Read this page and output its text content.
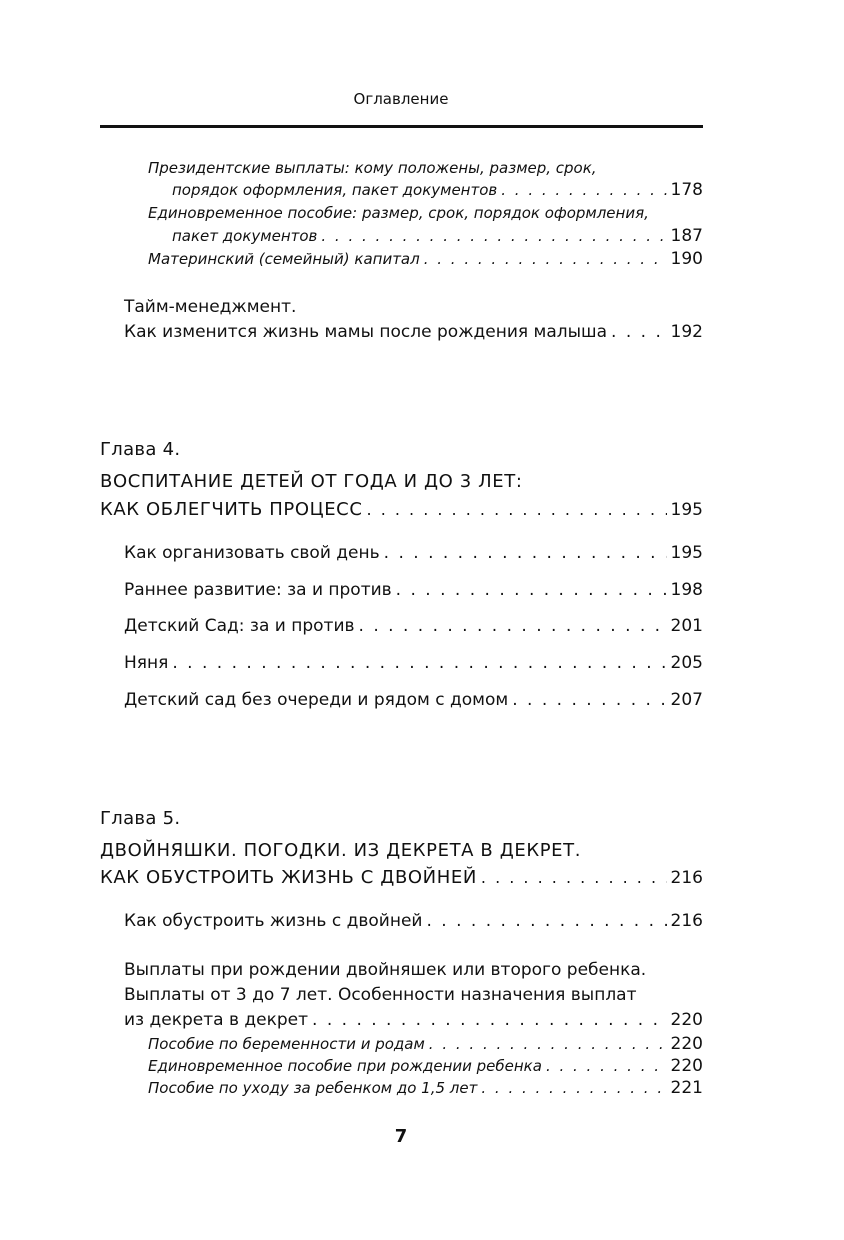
Оглавление
Президентские выплаты: кому положены, размер, срок,
порядок оформления, пакет документов . . .	178
Единовременное пособие: размер, срок, порядок оформления,
пакет документов . . .	187
Материнский (семейный) капитал . . .	190
Тайм-менеджмент.
Как изменится жизнь мамы после рождения малыша . . .	192
Глава 4.
ВОСПИТАНИЕ ДЕТЕЙ ОТ ГОДА И ДО 3 ЛЕТ:
КАК ОБЛЕГЧИТЬ ПРОЦЕСС . . .	195
Как организовать свой день . . .	195
Раннее развитие: за и против . . .	198
Детский Сад: за и против . . .	201
Няня . . .	205
Детский сад без очереди и рядом с домом . . .	207
Глава 5.
ДВОЙНЯШКИ. ПОГОДКИ. ИЗ ДЕКРЕТА В ДЕКРЕТ.
КАК ОБУСТРОИТЬ ЖИЗНЬ С ДВОЙНЕЙ . . .	216
Как обустроить жизнь с двойней . . .	216
Выплаты при рождении двойняшек или второго ребенка.
Выплаты от 3 до 7 лет. Особенности назначения выплат
из декрета в декрет . . .	220
Пособие по беременности и родам . . .	220
Единовременное пособие при рождении ребенка . . .	220
Пособие по уходу за ребенком до 1,5 лет . . .	221
7
